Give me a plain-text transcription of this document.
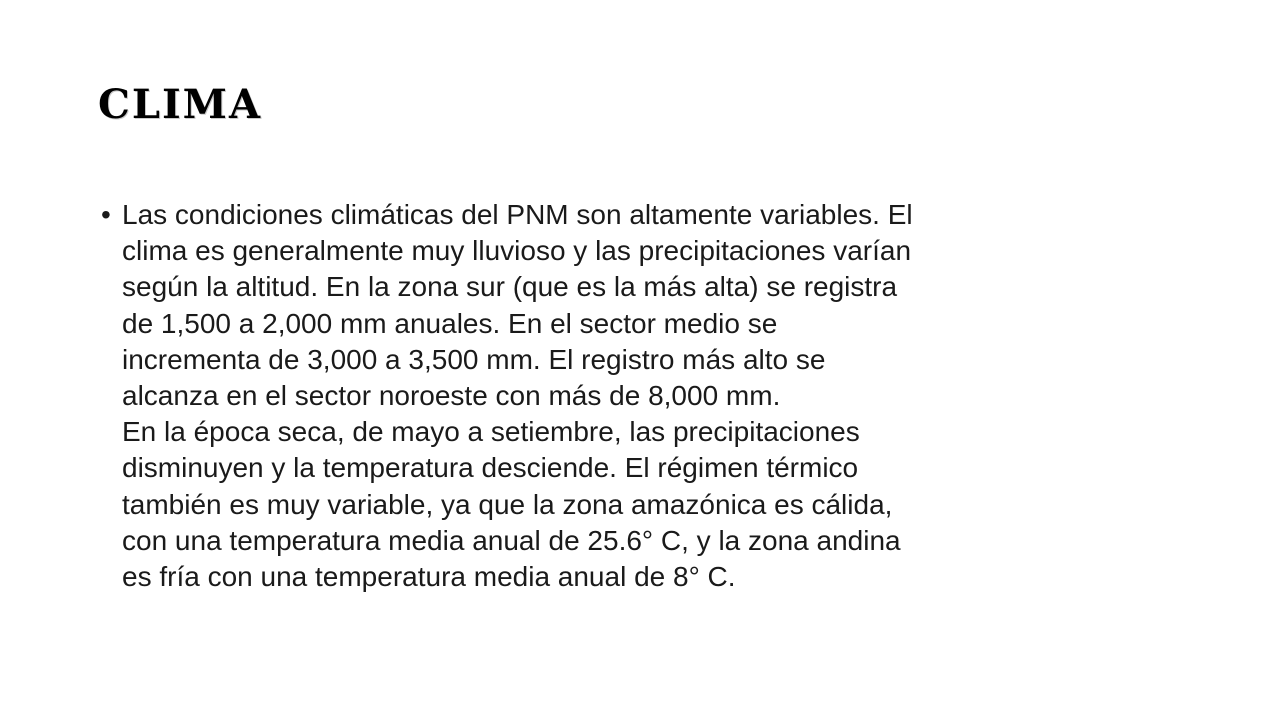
CLIMA
• Las condiciones climáticas del PNM son altamente variables. El
clima es generalmente muy lluvioso y las precipitaciones varían
según la altitud. En la zona sur (que es la más alta) se registra
de 1,500 a 2,000 mm anuales. En el sector medio se
incrementa de 3,000 a 3,500 mm. El registro más alto se
alcanza en el sector noroeste con más de 8,000 mm.
En la época seca, de mayo a setiembre, las precipitaciones
disminuyen y la temperatura desciende. El régimen térmico
también es muy variable, ya que la zona amazónica es cálida,
con una temperatura media anual de 25.6° C, y la zona andina
es fría con una temperatura media anual de 8° C.
